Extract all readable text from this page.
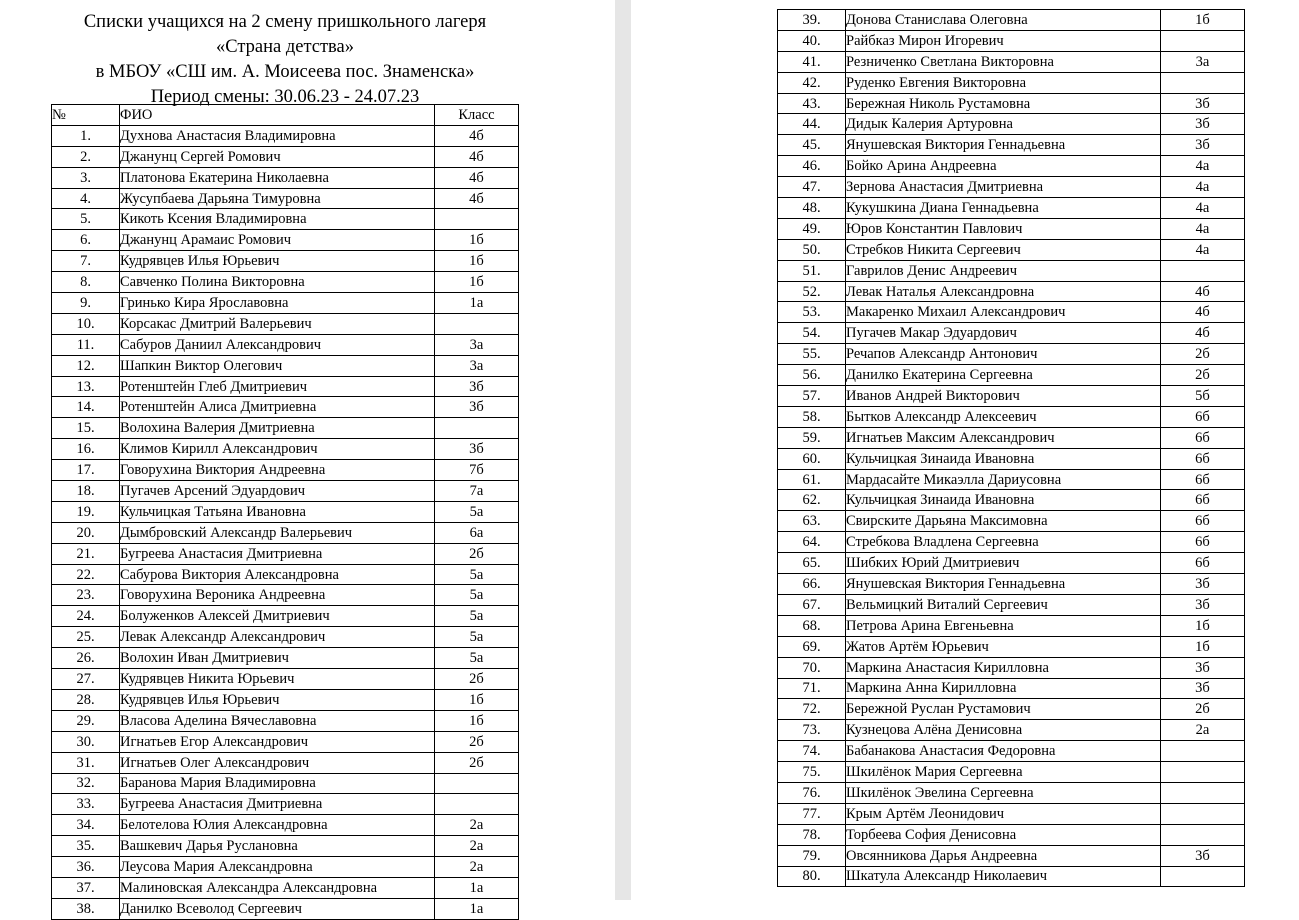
Списки учащихся на 2 смену пришкольного лагеря
«Страна детства»
в МБОУ «СШ им. А. Моисеева пос. Знаменска»
Период смены: 30.06.23 - 24.07.23
№	ФИО	Класс
1.	Духнова Анастасия Владимировна	4б
2.	Джанунц Сергей Ромович	4б
3.	Платонова Екатерина Николаевна	4б
4.	Жусупбаева Дарьяна Тимуровна	4б
5.	Кикоть Ксения Владимировна	
6.	Джанунц Арамаис Ромович	1б
7.	Кудрявцев Илья Юрьевич	1б
8.	Савченко Полина Викторовна	1б
9.	Гринько Кира Ярославовна	1а
10.	Корсакас Дмитрий Валерьевич	
11.	Сабуров Даниил Александрович	3а
12.	Шапкин Виктор Олегович	3а
13.	Ротенштейн Глеб Дмитриевич	3б
14.	Ротенштейн Алиса Дмитриевна	3б
15.	Волохина Валерия Дмитриевна	
16.	Климов Кирилл Александрович	3б
17.	Говорухина Виктория Андреевна	7б
18.	Пугачев Арсений Эдуардович	7а
19.	Кульчицкая Татьяна Ивановна	5а
20.	Дымбровский Александр Валерьевич	6а
21.	Бугреева Анастасия Дмитриевна	2б
22.	Сабурова Виктория Александровна	5а
23.	Говорухина Вероника Андреевна	5а
24.	Болуженков Алексей Дмитриевич	5а
25.	Левак Александр Александрович	5а
26.	Волохин Иван Дмитриевич	5а
27.	Кудрявцев Никита Юрьевич	2б
28.	Кудрявцев Илья Юрьевич	1б
29.	Власова Аделина Вячеславовна	1б
30.	Игнатьев Егор Александрович	2б
31.	Игнатьев Олег Александрович	2б
32.	Баранова Мария Владимировна	
33.	Бугреева Анастасия Дмитриевна	
34.	Белотелова Юлия Александровна	2а
35.	Вашкевич Дарья Руслановна	2а
36.	Леусова Мария Александровна	2а
37.	Малиновская Александра Александровна	1а
38.	Данилко Всеволод Сергеевич	1а
39.	Донова Станислава Олеговна	1б
40.	Райбказ Мирон Игоревич	
41.	Резниченко Светлана Викторовна	3а
42.	Руденко Евгения Викторовна	
43.	Бережная Николь Рустамовна	3б
44.	Дидык Калерия Артуровна	3б
45.	Янушевская Виктория Геннадьевна	3б
46.	Бойко Арина Андреевна	4а
47.	Зернова Анастасия Дмитриевна	4а
48.	Кукушкина Диана Геннадьевна	4а
49.	Юров Константин Павлович	4а
50.	Стребков Никита Сергеевич	4а
51.	Гаврилов Денис Андреевич	
52.	Левак Наталья Александровна	4б
53.	Макаренко Михаил Александрович	4б
54.	Пугачев Макар Эдуардович	4б
55.	Речапов Александр Антонович	2б
56.	Данилко Екатерина Сергеевна	2б
57.	Иванов Андрей Викторович	5б
58.	Бытков Александр Алексеевич	6б
59.	Игнатьев Максим Александрович	6б
60.	Кульчицкая Зинаида Ивановна	6б
61.	Мардасайте Микаэлла Дариусовна	6б
62.	Кульчицкая Зинаида Ивановна	6б
63.	Свирските Дарьяна Максимовна	6б
64.	Стребкова Владлена Сергеевна	6б
65.	Шибких Юрий Дмитриевич	6б
66.	Янушевская Виктория Геннадьевна	3б
67.	Вельмицкий Виталий Сергеевич	3б
68.	Петрова Арина Евгеньевна	1б
69.	Жатов Артём Юрьевич	1б
70.	Маркина Анастасия Кирилловна	3б
71.	Маркина Анна Кирилловна	3б
72.	Бережной Руслан Рустамович	2б
73.	Кузнецова Алёна Денисовна	2а
74.	Бабанакова Анастасия Федоровна	
75.	Шкилёнок Мария Сергеевна	
76.	Шкилёнок Эвелина Сергеевна	
77.	Крым Артём Леонидович	
78.	Торбеева София Денисовна	
79.	Овсянникова Дарья Андреевна	3б
80.	Шкатула Александр Николаевич	
